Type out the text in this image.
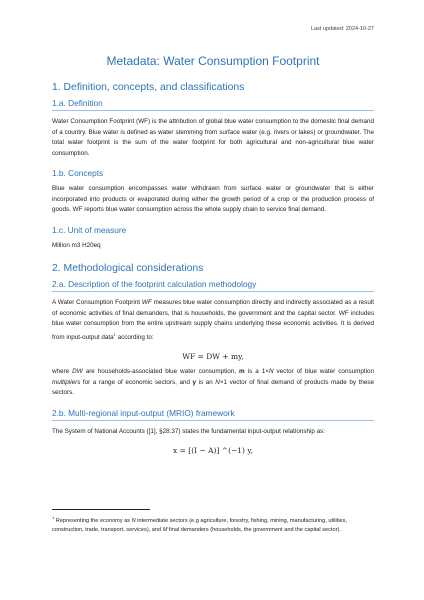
Last updated: 2024-10-27
Metadata: Water Consumption Footprint
1. Definition, concepts, and classifications
1.a. Definition

Water Consumption Footprint (WF) is the attribution of global blue water consumption to the domestic final demand of a country. Blue water is defined as water stemming from surface water (e.g. rivers or lakes) or groundwater. The total water footprint is the sum of the water footprint for both agricultural and non-agricultural blue water consumption.

1.b. Concepts

Blue water consumption encompasses water withdrawn from surface water or groundwater that is either incorporated into products or evaporated during either the growth period of a crop or the production process of goods. WF reports blue water consumption across the whole supply chain to service final demand.

1.c. Unit of measure

Million m3 H20eq

2. Methodological considerations
2.a. Description of the footprint calculation methodology

A Water Consumption Footprint WF measures blue water consumption directly and indirectly associated as a result of economic activities of final demanders, that is households, the government and the capital sector. WF includes blue water consumption from the entire upstream supply chains underlying these economic activities. It is derived from input-output data$^1$ according to:

WF = DW + my,

where DW are households-associated blue water consumption, m is a 1×N vector of blue water consumption multipliers for a range of economic sectors, and y is an N×1 vector of final demand of products made by these sectors.

2.b. Multi-regional input-output (MRIO) framework

The System of National Accounts ([1], §28.37) states the fundamental input-output relationship as:

x = [(I − A)] ^(−1) y,
$^1$ Representing the economy as N intermediate sectors (e.g agriculture, forestry, fishing, mining, manufacturing, utilities, construction, trade, transport, services), and M final demanders (households, the government and the capital sector).
